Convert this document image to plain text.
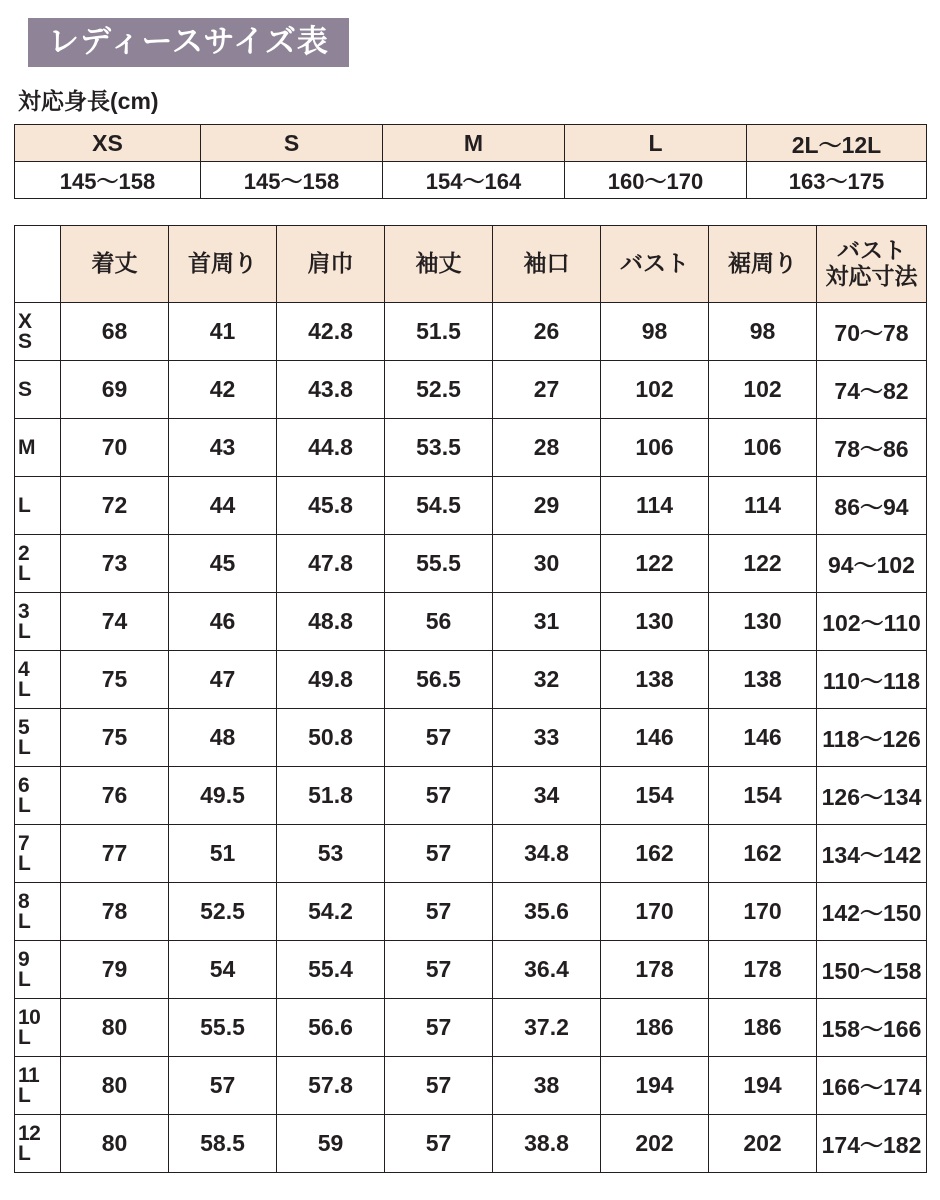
レディースサイズ表
対応身長(cm)
XS	S	M	L	2L〜12L
145〜158	145〜158	154〜164	160〜170	163〜175

	着丈	首周り	肩巾	袖丈	袖口	バスト	裾周り	バスト
対応寸法

X
S	68	41	42.8	51.5	26	98	98	70〜78

S	69	42	43.8	52.5	27	102	102	74〜82

M	70	43	44.8	53.5	28	106	106	78〜86

L	72	44	45.8	54.5	29	114	114	86〜94

2
L	73	45	47.8	55.5	30	122	122	94〜102

3
L	74	46	48.8	56	31	130	130	102〜110

4
L	75	47	49.8	56.5	32	138	138	110〜118

5
L	75	48	50.8	57	33	146	146	118〜126

6
L	76	49.5	51.8	57	34	154	154	126〜134

7
L	77	51	53	57	34.8	162	162	134〜142

8
L	78	52.5	54.2	57	35.6	170	170	142〜150

9
L	79	54	55.4	57	36.4	178	178	150〜158

10
L	80	55.5	56.6	57	37.2	186	186	158〜166

11
L	80	57	57.8	57	38	194	194	166〜174

12
L	80	58.5	59	57	38.8	202	202	174〜182
